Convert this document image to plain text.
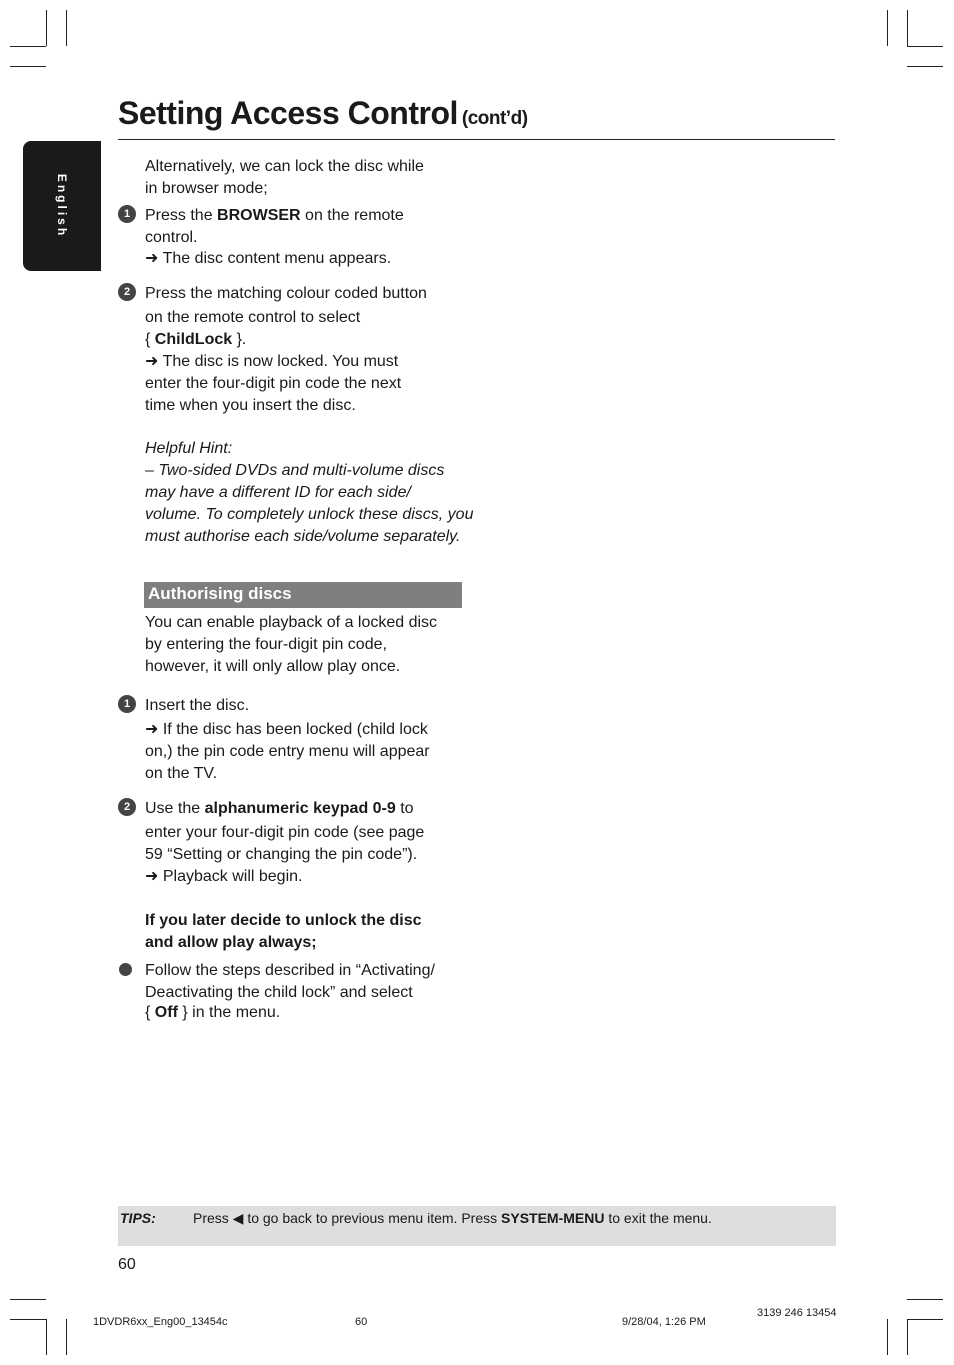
Setting Access Control (cont’d)
English
Alternatively, we can lock the disc while
in browser mode;
1 Press the BROWSER on the remote
control.
➜ The disc content menu appears.
2 Press the matching colour coded button
on the remote control to select
{ ChildLock }.
➜ The disc is now locked. You must
enter the four-digit pin code the next
time when you insert the disc.
Helpful Hint:
– Two-sided DVDs and multi-volume discs
may have a different ID for each side/
volume. To completely unlock these discs, you
must authorise each side/volume separately.
Authorising discs
You can enable playback of a locked disc
by entering the four-digit pin code,
however, it will only allow play once.
1 Insert the disc.
➜ If the disc has been locked (child lock
on,) the pin code entry menu will appear
on the TV.
2 Use the alphanumeric keypad 0-9 to
enter your four-digit pin code (see page
59 “Setting or changing the pin code”).
➜ Playback will begin.
If you later decide to unlock the disc
and allow play always;
Follow the steps described in “Activating/
Deactivating the child lock” and select
{ Off } in the menu.
TIPS:	Press ◀ to go back to previous menu item. Press SYSTEM-MENU to exit the menu.
60
1DVDR6xx_Eng00_13454c	60	9/28/04, 1:26 PM
3139 246 13454
